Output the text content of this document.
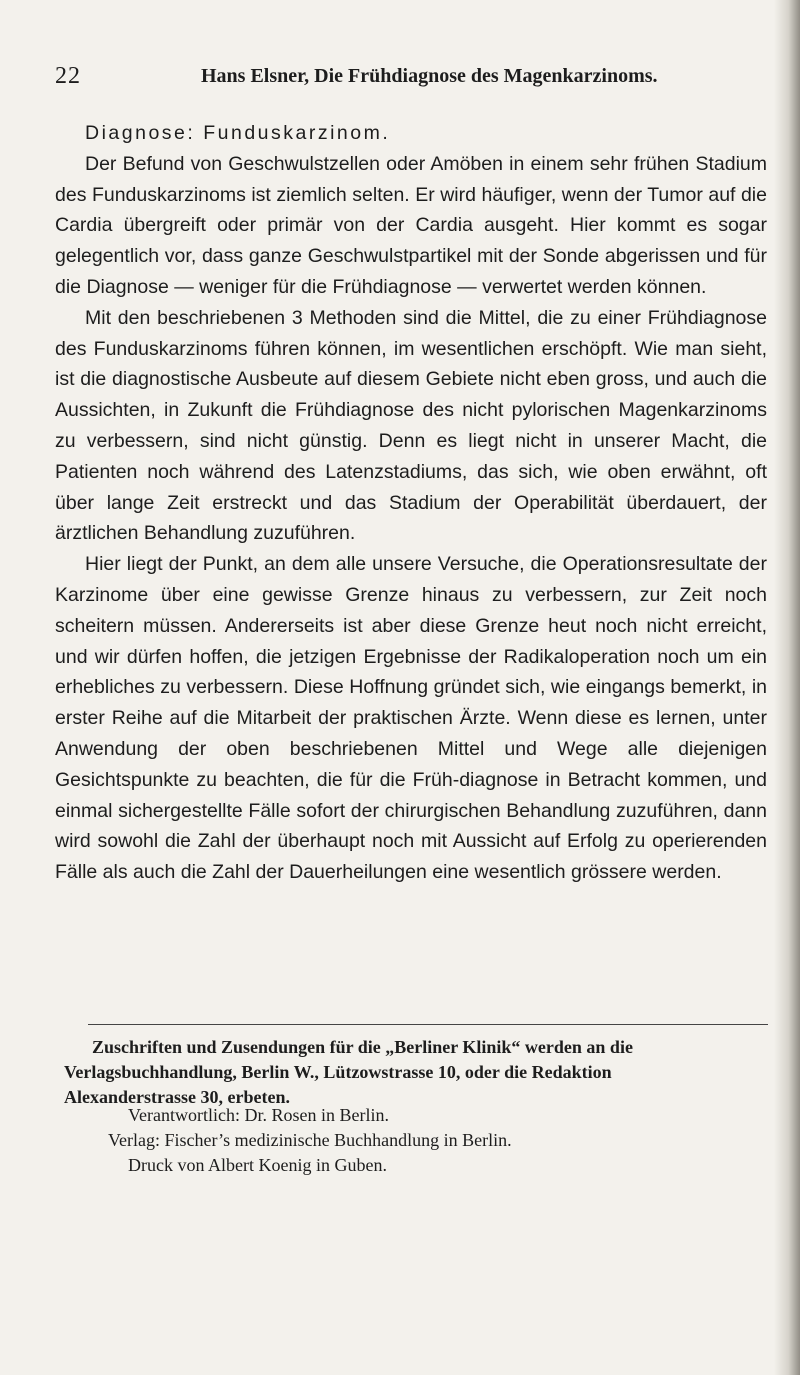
22	Hans Elsner, Die Frühdiagnose des Magenkarzinoms.

Diagnose: Funduskarzinom.

Der Befund von Geschwulstzellen oder Amöben in einem sehr frühen Stadium des Funduskarzinoms ist ziemlich selten. Er wird häufiger, wenn der Tumor auf die Cardia übergreift oder primär von der Cardia ausgeht. Hier kommt es sogar gelegentlich vor, dass ganze Geschwulstpartikel mit der Sonde abgerissen und für die Diagnose — weniger für die Frühdiagnose — verwertet werden können.

Mit den beschriebenen 3 Methoden sind die Mittel, die zu einer Frühdiagnose des Funduskarzinoms führen können, im wesentlichen erschöpft. Wie man sieht, ist die diagnostische Ausbeute auf diesem Gebiete nicht eben gross, und auch die Aussichten, in Zukunft die Frühdiagnose des nicht pylorischen Magenkarzinoms zu verbessern, sind nicht günstig. Denn es liegt nicht in unserer Macht, die Patienten noch während des Latenzstadiums, das sich, wie oben erwähnt, oft über lange Zeit erstreckt und das Stadium der Operabilität überdauert, der ärztlichen Behandlung zuzuführen.

Hier liegt der Punkt, an dem alle unsere Versuche, die Operationsresultate der Karzinome über eine gewisse Grenze hinaus zu verbessern, zur Zeit noch scheitern müssen. Andererseits ist aber diese Grenze heut noch nicht erreicht, und wir dürfen hoffen, die jetzigen Ergebnisse der Radikaloperation noch um ein erhebliches zu verbessern. Diese Hoffnung gründet sich, wie eingangs bemerkt, in erster Reihe auf die Mitarbeit der praktischen Ärzte. Wenn diese es lernen, unter Anwendung der oben beschriebenen Mittel und Wege alle diejenigen Gesichtspunkte zu beachten, die für die Früh-diagnose in Betracht kommen, und einmal sichergestellte Fälle sofort der chirurgischen Behandlung zuzuführen, dann wird sowohl die Zahl der überhaupt noch mit Aussicht auf Erfolg zu operierenden Fälle als auch die Zahl der Dauerheilungen eine wesentlich grössere werden.

Zuschriften und Zusendungen für die „Berliner Klinik“ werden an die

Verlagsbuchhandlung, Berlin W., Lützowstrasse 10, oder die Redaktion

Alexanderstrasse 30, erbeten.

Verantwortlich: Dr. Rosen in Berlin.

Verlag: Fischer’s medizinische Buchhandlung in Berlin.

Druck von Albert Koenig in Guben.
